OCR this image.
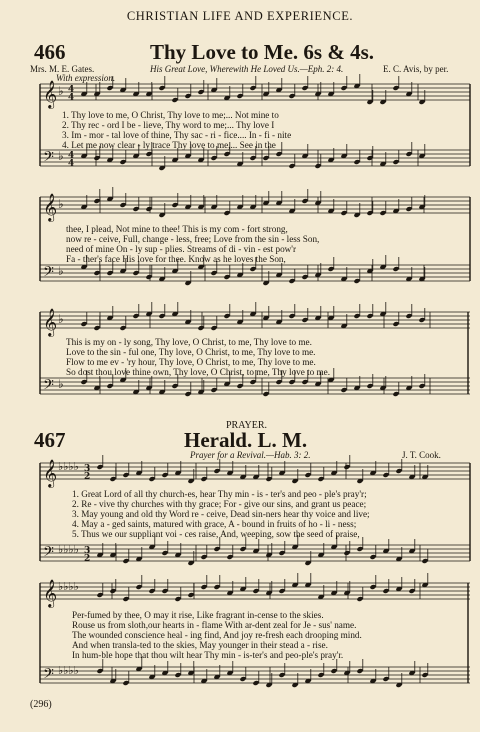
𝄞
𝄢
𝄞
𝄢
𝄞
𝄢
𝄞
𝄢
𝄞
𝄢
♭
♭
♭
♭
♭
♭
♭♭♭♭
♭♭♭♭
♭♭♭♭
♭♭♭♭
4
4
4
4
3
2
3
2
CHRISTIAN LIFE AND EXPERIENCE.
466	Thy Love to Me. 6s & 4s.
Mrs. M. E. Gates.	His Great Love, Wherewith He Loved Us.—Eph. 2: 4.	E. C. Avis, by per.
With expression.
1. Thy love to me, O Christ, Thy love to me;... Not mine to
2. Thy rec - ord I be - lieve, Thy word to me;... Thy love I
3. Im - mor - tal love of thine, Thy sac - ri - fice.... In - fi - nite
4. Let me now clear - ly trace Thy love to me,... See in the
thee, I plead, Not mine to thee! This is my com - fort strong,
now re - ceive, Full, change - less, free; Love from the sin - less Son,
need of mine On - ly sup - plies. Streams of di - vin - est pow'r
Fa - ther's face His love for thee. Know as he loves the Son,
This is my on - ly song, Thy love, O Christ, to me, Thy love to me.
Love to the sin - ful one, Thy love, O Christ, to me, Thy love to me.
Flow to me ev - 'ry hour, Thy love, O Christ, to me, Thy love to me.
So dost thou love thine own, Thy love, O Christ, to me, Thy love to me.
PRAYER.
467	Herald. L. M.
Prayer for a Revival.—Hab. 3: 2.	J. T. Cook.
1. Great Lord of all thy church-es, hear Thy min - is - ter's and peo - ple's pray'r;
2. Re - vive thy churches with thy grace; For - give our sins, and grant us peace;
3. May young and old thy Word re - ceive, Dead sin-ners hear thy voice and live;
4. May a - ged saints, matured with grace, A - bound in fruits of ho - li - ness;
5. Thus we our suppliant voi - ces raise, And, weeping, sow the seed of praise,
Per-fumed by thee, O may it rise, Like fragrant in-cense to the skies.
Rouse us from sloth,our hearts in - flame With ar-dent zeal for Je - sus' name.
The wounded conscience heal - ing find, And joy re-fresh each drooping mind.
And when transla-ted to the skies, May younger in their stead a - rise.
In hum-ble hope that thou wilt hear Thy min - is-ter's and peo-ple's pray'r.
(296)
